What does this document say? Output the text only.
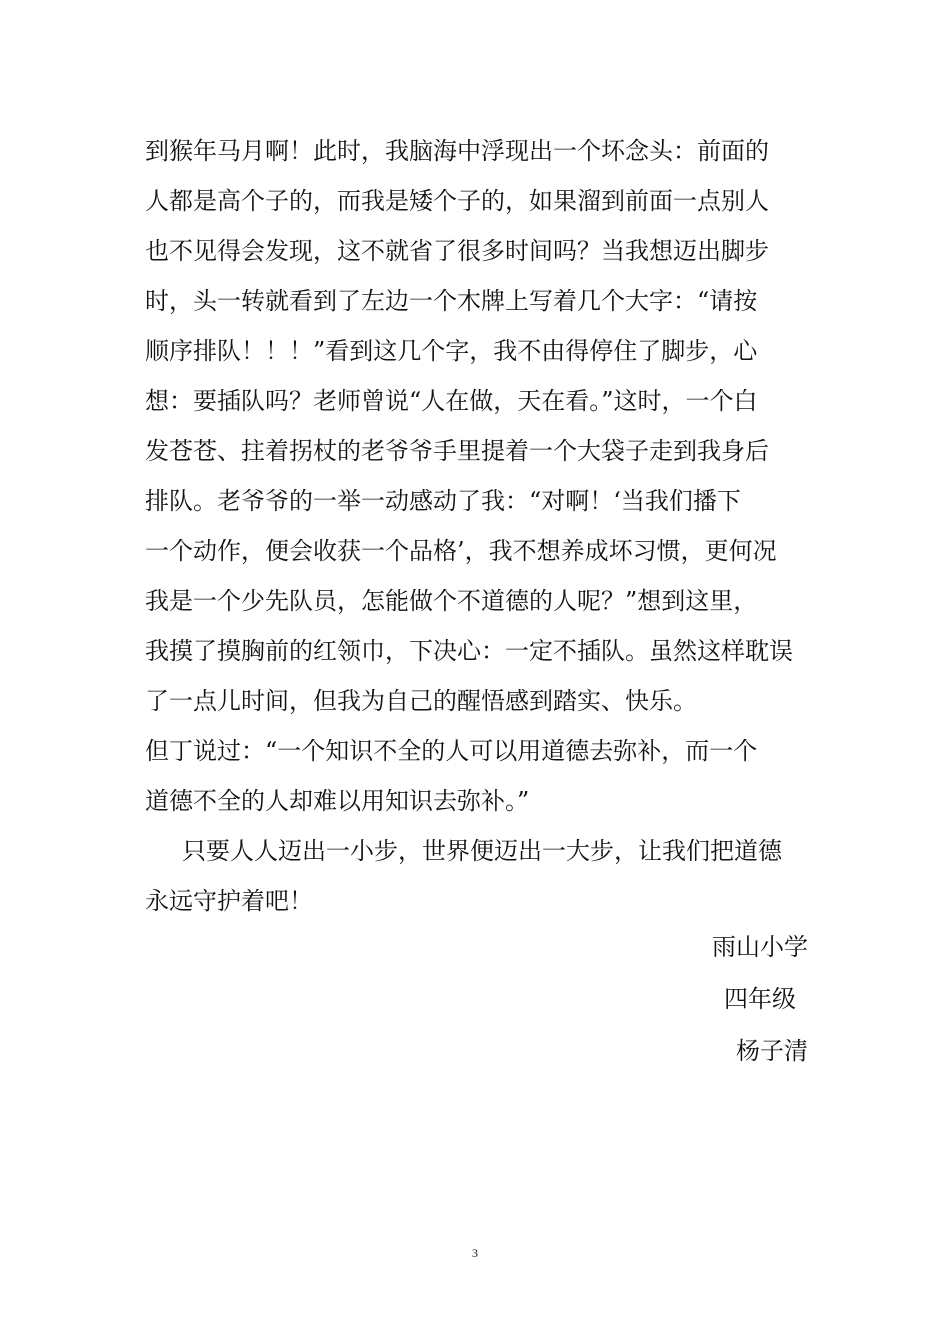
到猴年马月啊！此时，我脑海中浮现出一个坏念头：前面的
人都是高个子的，而我是矮个子的，如果溜到前面一点别人
也不见得会发现，这不就省了很多时间吗？当我想迈出脚步
时，头一转就看到了左边一个木牌上写着几个大字：“请按
顺序排队！！！”看到这几个字，我不由得停住了脚步，心
想：要插队吗？老师曾说“人在做，天在看。”这时，一个白
发苍苍、拄着拐杖的老爷爷手里提着一个大袋子走到我身后
排队。老爷爷的一举一动感动了我：“对啊！‘当我们播下
一个动作，便会收获一个品格’，我不想养成坏习惯，更何况
我是一个少先队员，怎能做个不道德的人呢？”想到这里，
我摸了摸胸前的红领巾，下决心：一定不插队。虽然这样耽误
了一点儿时间，但我为自己的醒悟感到踏实、快乐。
但丁说过：“一个知识不全的人可以用道德去弥补，而一个
道德不全的人却难以用知识去弥补。”
只要人人迈出一小步，世界便迈出一大步，让我们把道德
永远守护着吧！
雨山小学
四年级
杨子清
3
